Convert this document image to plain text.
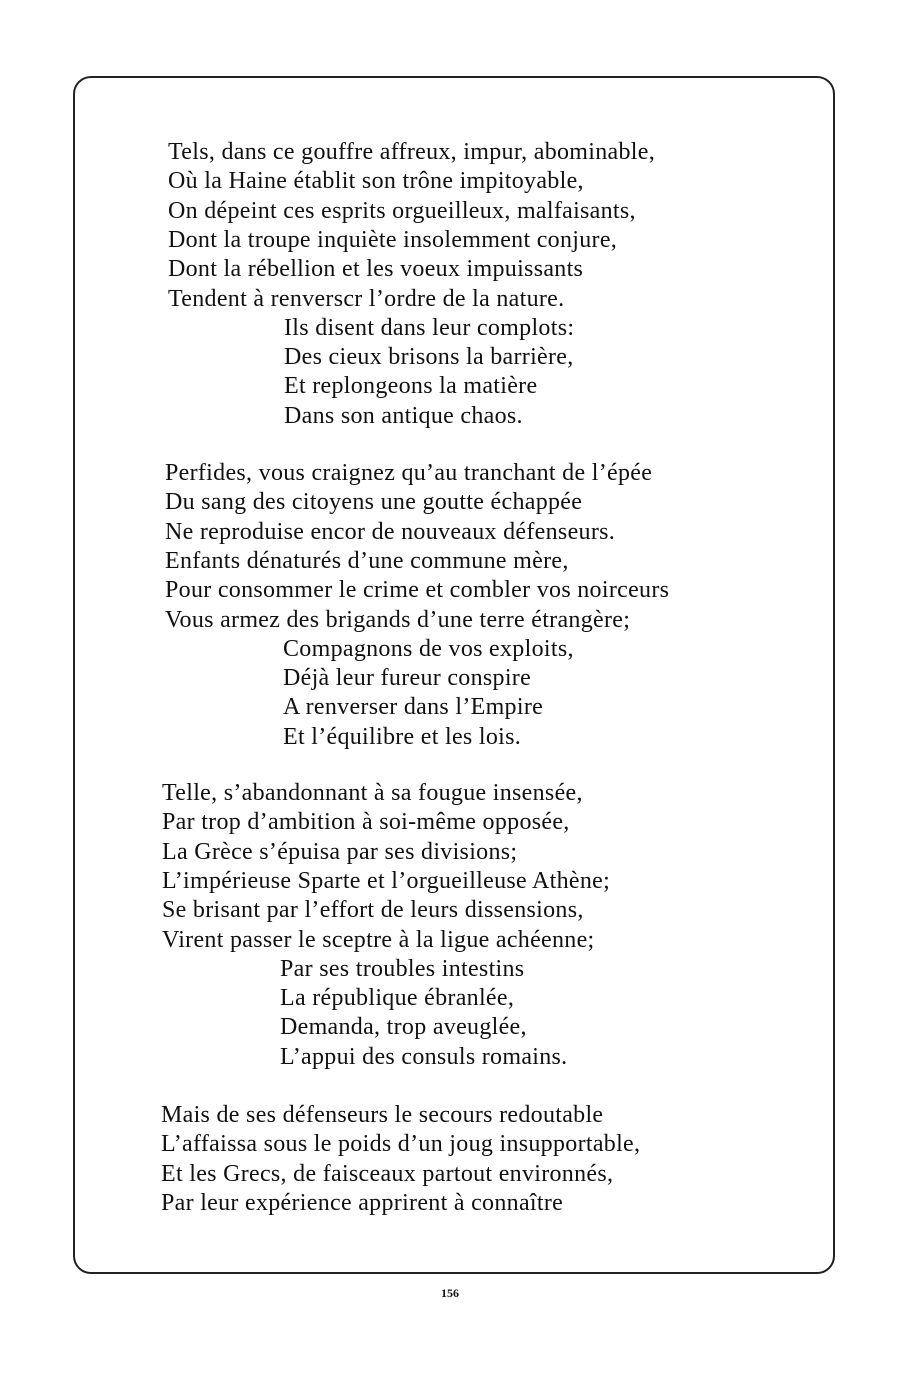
Tels, dans ce gouffre affreux, impur, abominable,
Où la Haine établit son trône impitoyable,
On dépeint ces esprits orgueilleux, malfaisants,
Dont la troupe inquiète insolemment conjure,
Dont la rébellion et les voeux impuissants
Tendent à renverscr l’ordre de la nature.
Ils disent dans leur complots:
Des cieux brisons la barrière,
Et replongeons la matière
Dans son antique chaos.
Perfides, vous craignez qu’au tranchant de l’épée
Du sang des citoyens une goutte échappée
Ne reproduise encor de nouveaux défenseurs.
Enfants dénaturés d’une commune mère,
Pour consommer le crime et combler vos noirceurs
Vous armez des brigands d’une terre étrangère;
Compagnons de vos exploits,
Déjà leur fureur conspire
A renverser dans l’Empire
Et l’équilibre et les lois.
Telle, s’abandonnant à sa fougue insensée,
Par trop d’ambition à soi-même opposée,
La Grèce s’épuisa par ses divisions;
L’impérieuse Sparte et l’orgueilleuse Athène;
Se brisant par l’effort de leurs dissensions,
Virent passer le sceptre à la ligue achéenne;
Par ses troubles intestins
La république ébranlée,
Demanda, trop aveuglée,
L’appui des consuls romains.
Mais de ses défenseurs le secours redoutable
L’affaissa sous le poids d’un joug insupportable,
Et les Grecs, de faisceaux partout environnés,
Par leur expérience apprirent à connaître
156
